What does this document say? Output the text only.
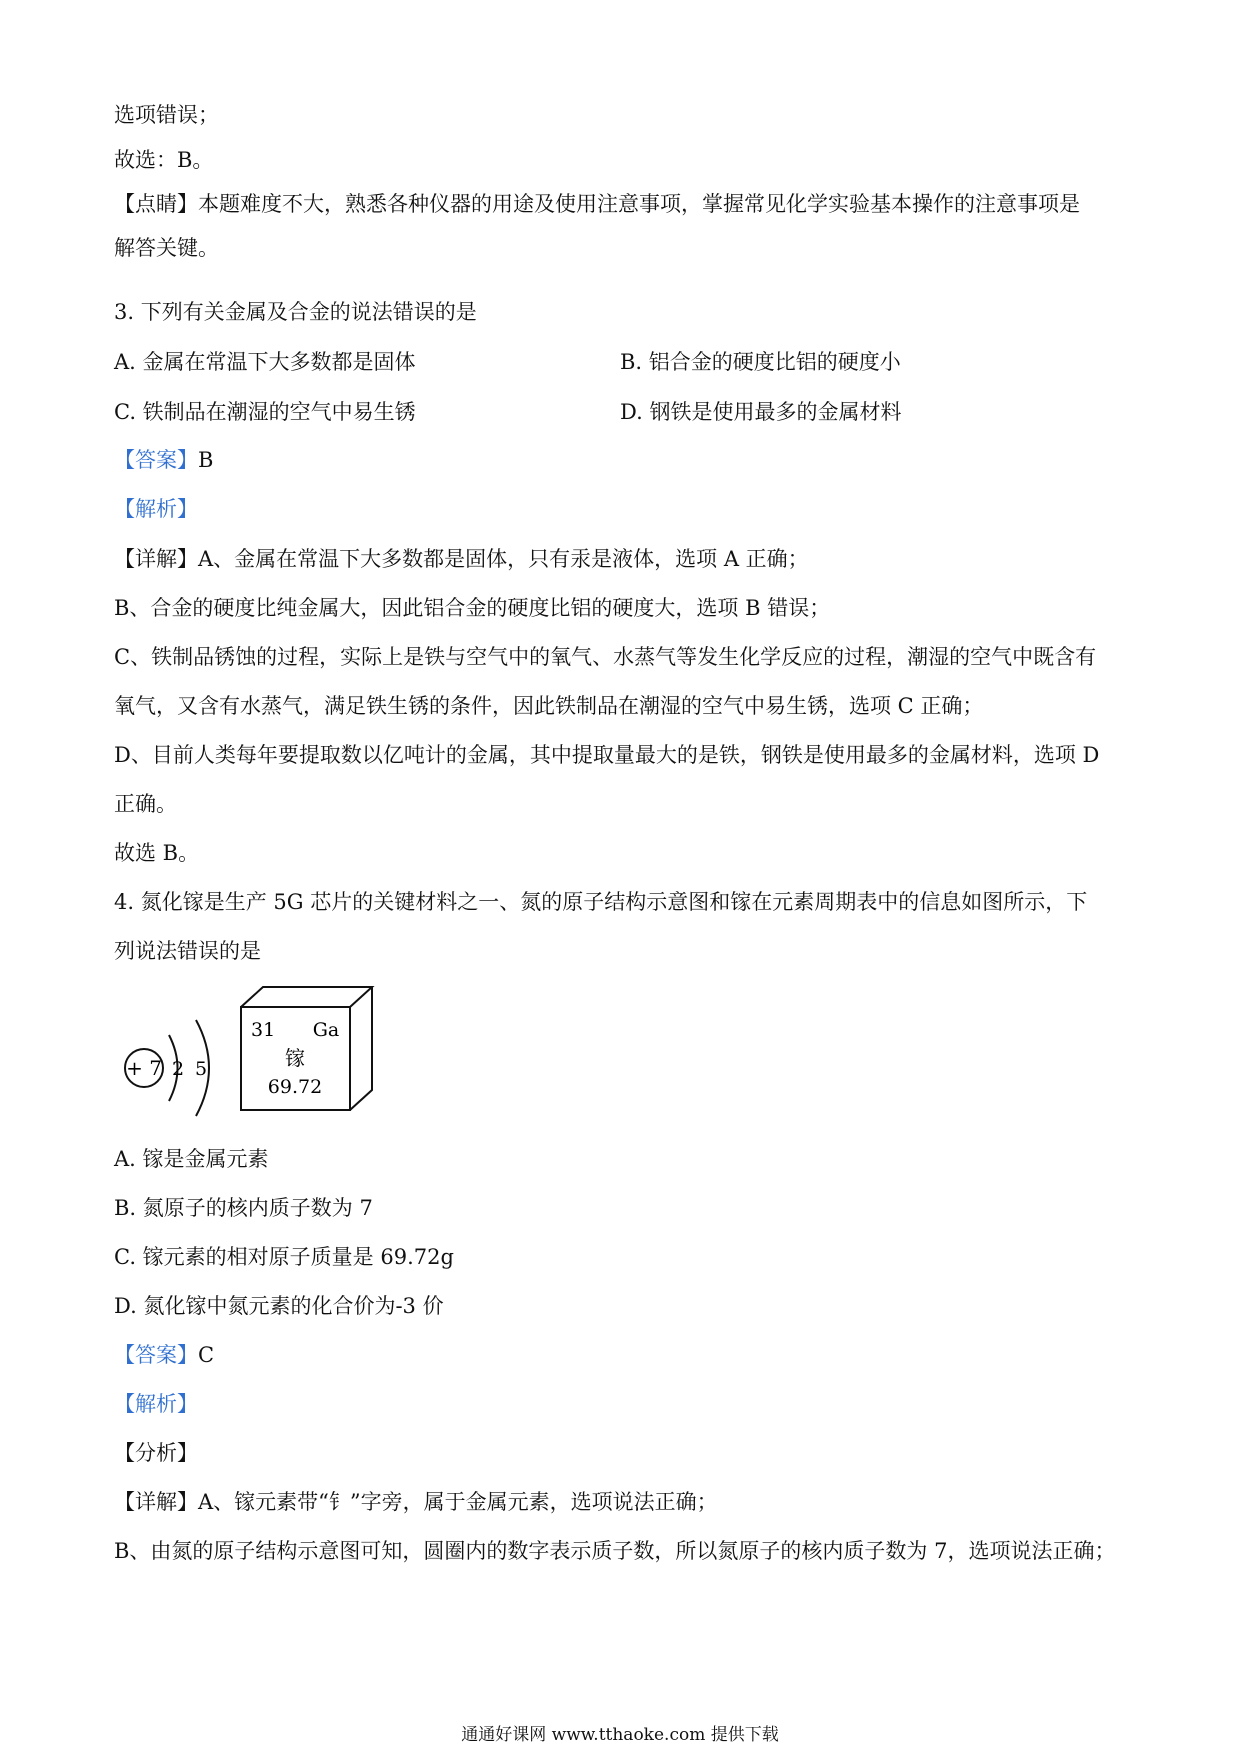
选项错误；
故选：B。
【点睛】本题难度不大，熟悉各种仪器的用途及使用注意事项，掌握常见化学实验基本操作的注意事项是
解答关键。
3. 下列有关金属及合金的说法错误的是
A. 金属在常温下大多数都是固体	B. 铝合金的硬度比铝的硬度小
C. 铁制品在潮湿的空气中易生锈	D. 钢铁是使用最多的金属材料
【答案】B
【解析】
【详解】A、金属在常温下大多数都是固体，只有汞是液体，选项 A 正确；
B、合金的硬度比纯金属大，因此铝合金的硬度比铝的硬度大，选项 B 错误；
C、铁制品锈蚀的过程，实际上是铁与空气中的氧气、水蒸气等发生化学反应的过程，潮湿的空气中既含有
氧气，又含有水蒸气，满足铁生锈的条件，因此铁制品在潮湿的空气中易生锈，选项 C 正确；
D、目前人类每年要提取数以亿吨计的金属，其中提取量最大的是铁，钢铁是使用最多的金属材料，选项 D
正确。
故选 B。
4. 氮化镓是生产 5G 芯片的关键材料之一、氮的原子结构示意图和镓在元素周期表中的信息如图所示，下
列说法错误的是
+ 7 2 5
31 Ga
镓
69.72
A. 镓是金属元素
B. 氮原子的核内质子数为 7
C. 镓元素的相对原子质量是 69.72g
D. 氮化镓中氮元素的化合价为-3 价
【答案】C
【解析】
【分析】
【详解】A、镓元素带“钅”字旁，属于金属元素，选项说法正确；
B、由氮的原子结构示意图可知，圆圈内的数字表示质子数，所以氮原子的核内质子数为 7，选项说法正确；
通通好课网 www.tthaoke.com 提供下载
